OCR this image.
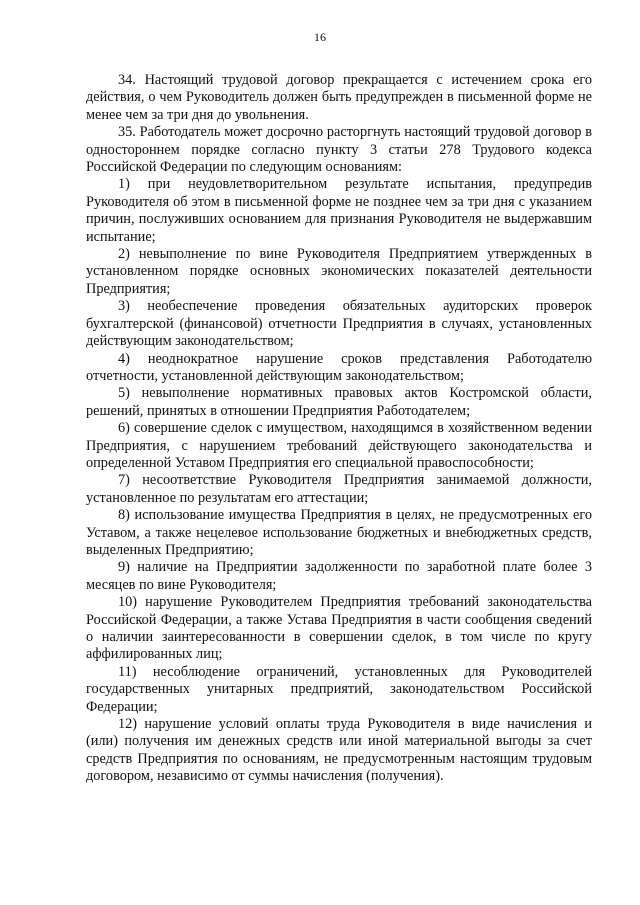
16

34. Настоящий трудовой договор прекращается с истечением срока его действия, о чем Руководитель должен быть предупрежден в письменной форме не менее чем за три дня до увольнения.

35. Работодатель может досрочно расторгнуть настоящий трудовой договор в одностороннем порядке согласно пункту 3 статьи 278 Трудового кодекса Российской Федерации по следующим основаниям:

1) при неудовлетворительном результате испытания, предупредив Руководителя об этом в письменной форме не позднее чем за три дня с указанием причин, послуживших основанием для признания Руководителя не выдержавшим испытание;

2) невыполнение по вине Руководителя Предприятием утвержденных в установленном порядке основных экономических показателей деятельности Предприятия;

3) необеспечение проведения обязательных аудиторских проверок бухгалтерской (финансовой) отчетности Предприятия в случаях, установленных действующим законодательством;

4) неоднократное нарушение сроков представления Работодателю отчетности, установленной действующим законодательством;

5) невыполнение нормативных правовых актов Костромской области, решений, принятых в отношении Предприятия Работодателем;

6) совершение сделок с имуществом, находящимся в хозяйственном ведении Предприятия, с нарушением требований действующего законодательства и определенной Уставом Предприятия его специальной правоспособности;

7) несоответствие Руководителя Предприятия занимаемой должности, установленное по результатам его аттестации;

8) использование имущества Предприятия в целях, не предусмотренных его Уставом, а также нецелевое использование бюджетных и внебюджетных средств, выделенных Предприятию;

9) наличие на Предприятии задолженности по заработной плате более 3 месяцев по вине Руководителя;

10) нарушение Руководителем Предприятия требований законодательства Российской Федерации, а также Устава Предприятия в части сообщения сведений о наличии заинтересованности в совершении сделок, в том числе по кругу аффилированных лиц;

11) несоблюдение ограничений, установленных для Руководителей государственных унитарных предприятий, законодательством Российской Федерации;

12) нарушение условий оплаты труда Руководителя в виде начисления и (или) получения им денежных средств или иной материальной выгоды за счет средств Предприятия по основаниям, не предусмотренным настоящим трудовым договором, независимо от суммы начисления (получения).
